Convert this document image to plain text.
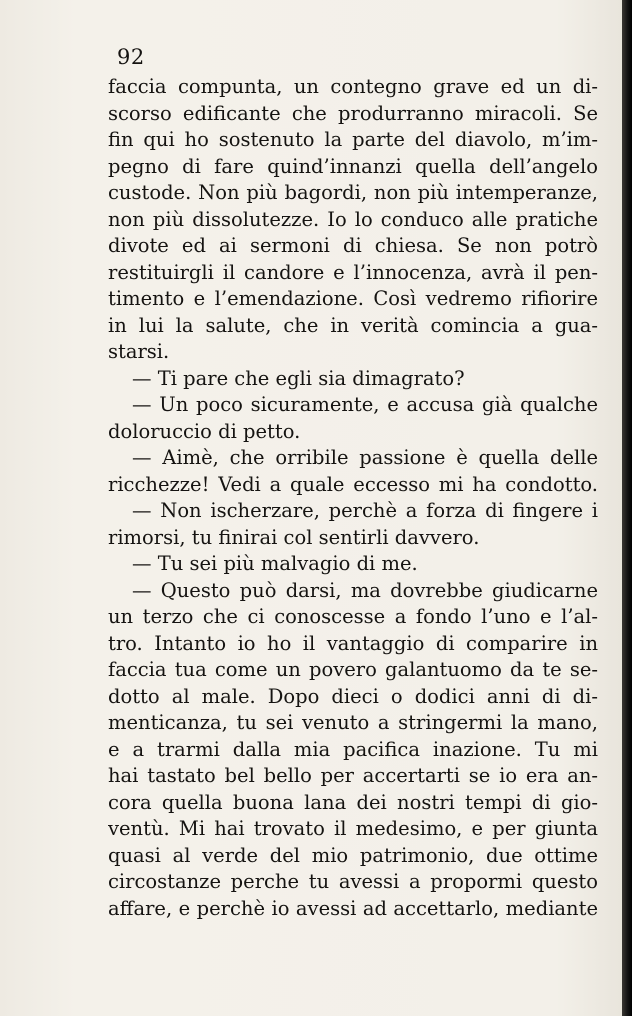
92
faccia compunta, un contegno grave ed un di-
scorso edificante che produrranno miracoli. Se
fin qui ho sostenuto la parte del diavolo, m’im-
pegno di fare quind’innanzi quella dell’angelo
custode. Non più bagordi, non più intemperanze,
non più dissolutezze. Io lo conduco alle pratiche
divote ed ai sermoni di chiesa. Se non potrò
restituirgli il candore e l’innocenza, avrà il pen-
timento e l’emendazione. Così vedremo rifiorire
in lui la salute, che in verità comincia a gua-
starsi.
— Ti pare che egli sia dimagrato?
— Un poco sicuramente, e accusa già qualche
doloruccio di petto.
— Aimè, che orribile passione è quella delle
ricchezze! Vedi a quale eccesso mi ha condotto.
— Non ischerzare, perchè a forza di fingere i
rimorsi, tu finirai col sentirli davvero.
— Tu sei più malvagio di me.
— Questo può darsi, ma dovrebbe giudicarne
un terzo che ci conoscesse a fondo l’uno e l’al-
tro. Intanto io ho il vantaggio di comparire in
faccia tua come un povero galantuomo da te se-
dotto al male. Dopo dieci o dodici anni di di-
menticanza, tu sei venuto a stringermi la mano,
e a trarmi dalla mia pacifica inazione. Tu mi
hai tastato bel bello per accertarti se io era an-
cora quella buona lana dei nostri tempi di gio-
ventù. Mi hai trovato il medesimo, e per giunta
quasi al verde del mio patrimonio, due ottime
circostanze perche tu avessi a propormi questo
affare, e perchè io avessi ad accettarlo, mediante
